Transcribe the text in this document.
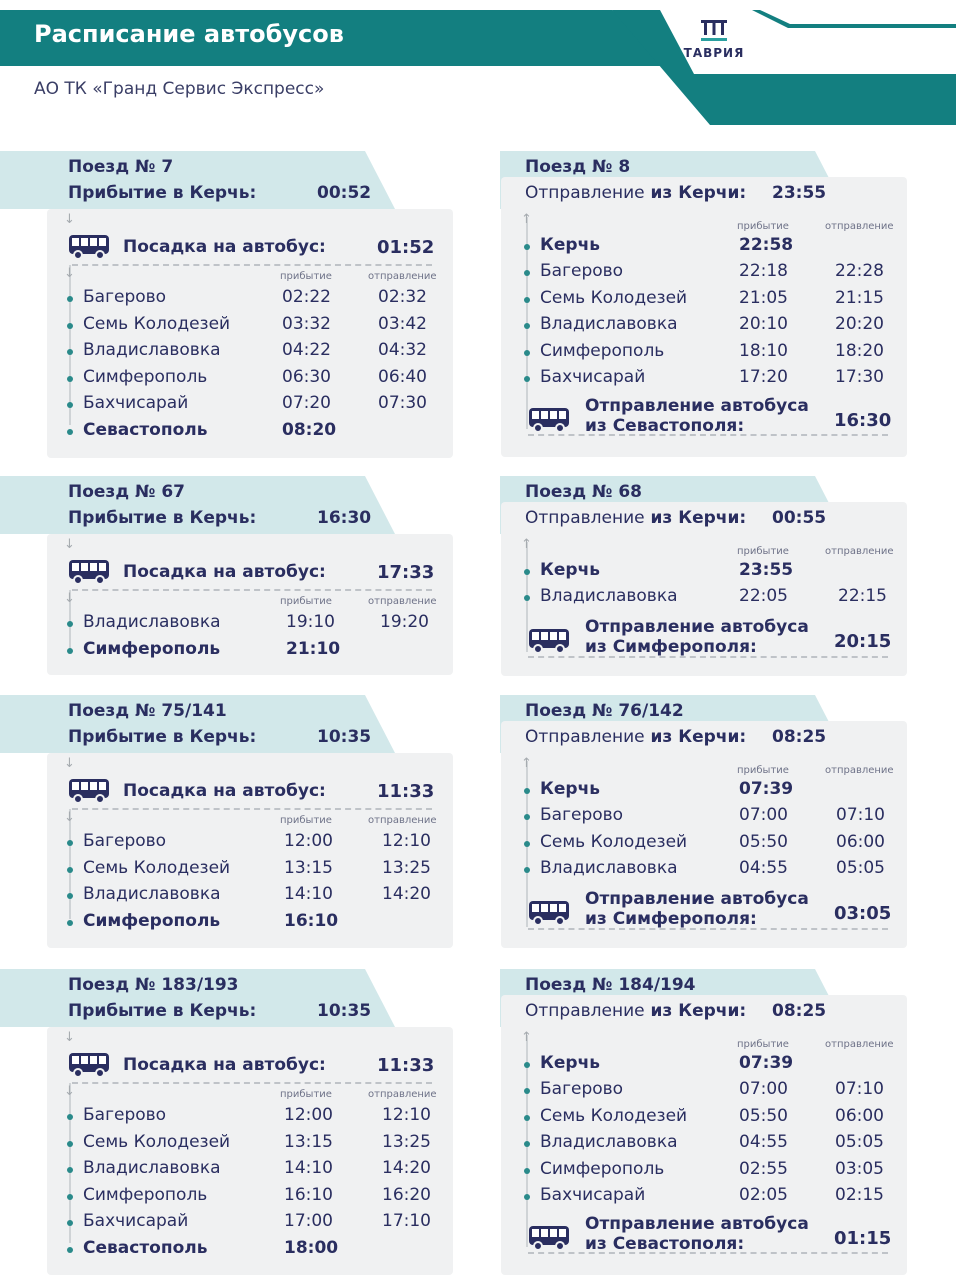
Расписание автобусов
АО ТК «Гранд Сервис Экспресс»
ТАВРИЯ
Поезд № 7
Прибытие в Керчь:	00:52
↓
Посадка на автобус:	01:52
↓	прибытие	отправление
Багерово	02:22	02:32
Семь Колодезей	03:32	03:42
Владиславовка	04:22	04:32
Симферополь	06:30	06:40
Бахчисарай	07:20	07:30
Севастополь	08:20
Поезд № 8
Отправление из Керчи: 23:55
↑	прибытие	отправление
Керчь	22:58
Багерово	22:18	22:28
Семь Колодезей	21:05	21:15
Владиславовка	20:10	20:20
Симферополь	18:10	18:20
Бахчисарай	17:20	17:30
Отправление автобуса
из Севастополя:	16:30
Поезд № 67
Прибытие в Керчь:	16:30
↓
Посадка на автобус:	17:33
↓	прибытие	отправление
Владиславовка	19:10	19:20
Симферополь	21:10
Поезд № 68
Отправление из Керчи: 00:55
↑	прибытие	отправление
Керчь	23:55
Владиславовка	22:05	22:15
Отправление автобуса
из Симферополя:	20:15
Поезд № 75/141
Прибытие в Керчь:	10:35
↓
Посадка на автобус:	11:33
↓	прибытие	отправление
Багерово	12:00	12:10
Семь Колодезей	13:15	13:25
Владиславовка	14:10	14:20
Симферополь	16:10
Поезд № 76/142
Отправление из Керчи: 08:25
↑	прибытие	отправление
Керчь	07:39
Багерово	07:00	07:10
Семь Колодезей	05:50	06:00
Владиславовка	04:55	05:05
Отправление автобуса
из Симферополя:	03:05
Поезд № 183/193
Прибытие в Керчь:	10:35
↓
Посадка на автобус:	11:33
↓	прибытие	отправление
Багерово	12:00	12:10
Семь Колодезей	13:15	13:25
Владиславовка	14:10	14:20
Симферополь	16:10	16:20
Бахчисарай	17:00	17:10
Севастополь	18:00
Поезд № 184/194
Отправление из Керчи: 08:25
↑	прибытие	отправление
Керчь	07:39
Багерово	07:00	07:10
Семь Колодезей	05:50	06:00
Владиславовка	04:55	05:05
Симферополь	02:55	03:05
Бахчисарай	02:05	02:15
Отправление автобуса
из Севастополя:	01:15
